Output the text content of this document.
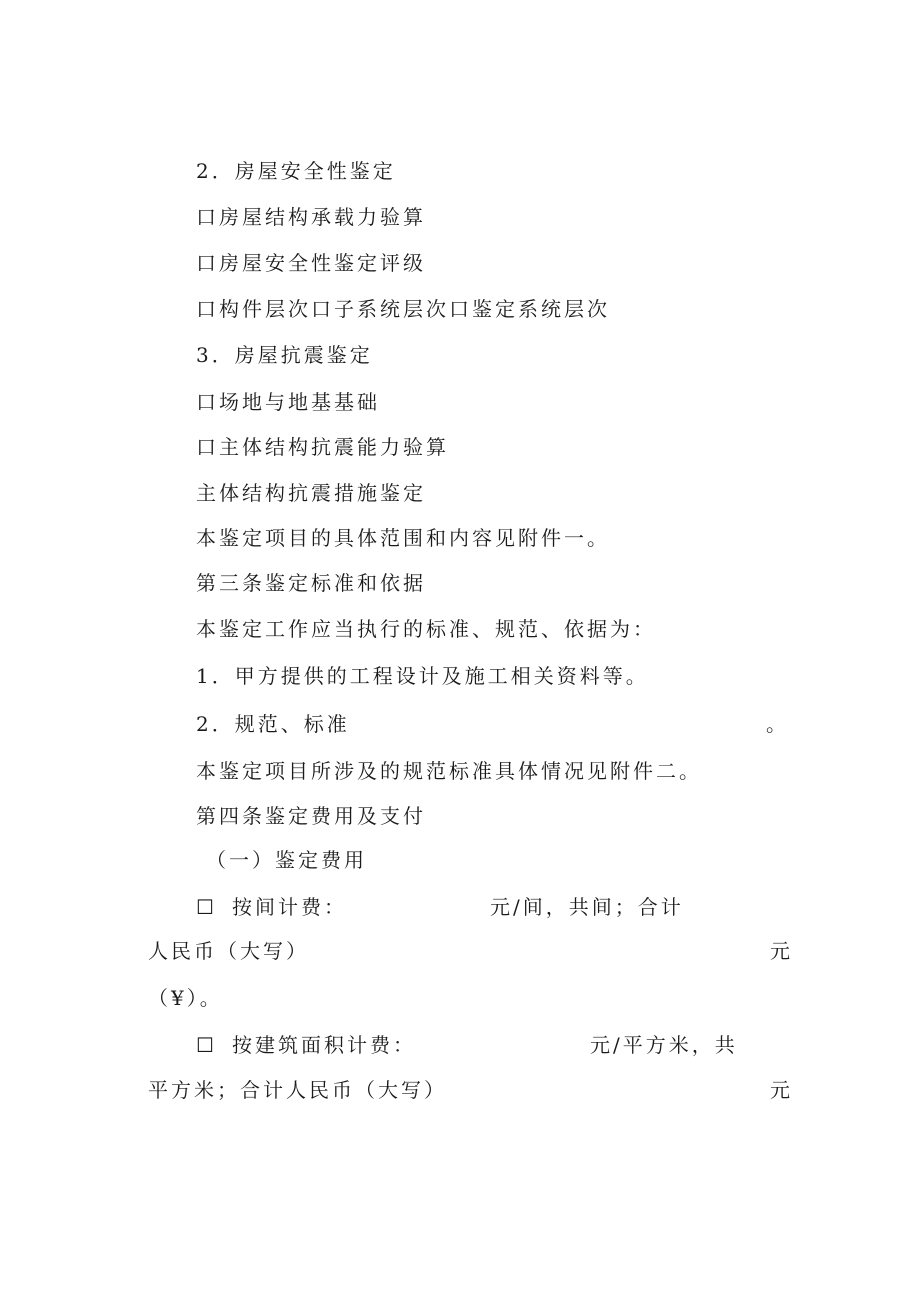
2．房屋安全性鉴定
口房屋结构承载力验算
口房屋安全性鉴定评级
口构件层次口子系统层次口鉴定系统层次
3．房屋抗震鉴定
口场地与地基基础
口主体结构抗震能力验算
主体结构抗震措施鉴定
本鉴定项目的具体范围和内容见附件一。
第三条鉴定标准和依据
本鉴定工作应当执行的标准、规范、依据为：
1．甲方提供的工程设计及施工相关资料等。
2．规范、标准	。
本鉴定项目所涉及的规范标准具体情况见附件二。
第四条鉴定费用及支付
（一）鉴定费用
☐ 按间计费：	元/间，共间；合计
人民币（大写）	元
（¥）。
☐ 按建筑面积计费：	元/平方米，共
平方米；合计人民币（大写）	元
